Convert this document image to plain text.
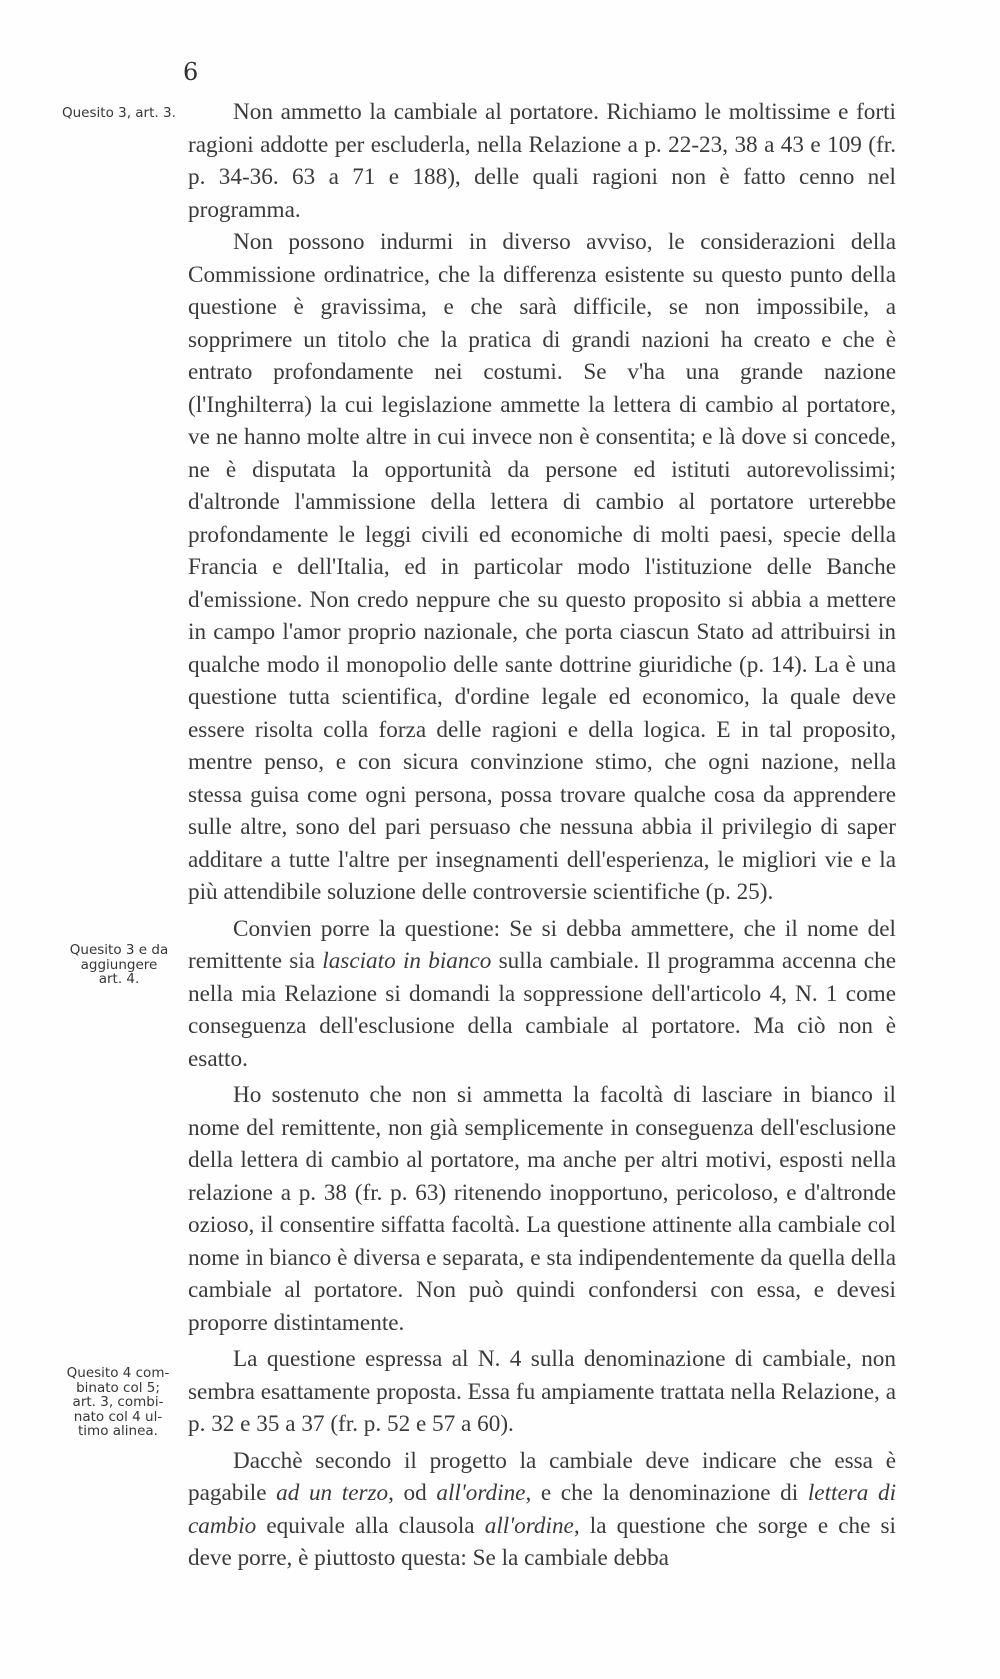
6
Quesito 3, art. 3.
Quesito 3 e da
aggiungere
art. 4.
Quesito 4 com-
binato col 5;
art. 3, combi-
nato col 4 ul-
timo alinea.

Non ammetto la cambiale al portatore. Richiamo le moltissime e forti ragioni addotte per escluderla, nella Relazione a p. 22-23, 38 a 43 e 109 (fr. p. 34-36. 63 a 71 e 188), delle quali ragioni non è fatto cenno nel programma.

Non possono indurmi in diverso avviso, le considerazioni della Commissione ordinatrice, che la differenza esistente su questo punto della questione è gravissima, e che sarà difficile, se non impossibile, a sopprimere un titolo che la pratica di grandi nazioni ha creato e che è entrato profondamente nei costumi. Se v'ha una grande nazione (l'Inghilterra) la cui legislazione ammette la lettera di cambio al portatore, ve ne hanno molte altre in cui invece non è consentita; e là dove si concede, ne è disputata la opportunità da persone ed istituti autorevolissimi; d'altronde l'ammissione della lettera di cambio al portatore urterebbe profondamente le leggi civili ed economiche di molti paesi, specie della Francia e dell'Italia, ed in particolar modo l'istituzione delle Banche d'emissione. Non credo neppure che su questo proposito si abbia a mettere in campo l'amor proprio nazionale, che porta ciascun Stato ad attribuirsi in qualche modo il monopolio delle sante dottrine giuridiche (p. 14). La è una questione tutta scientifica, d'ordine legale ed economico, la quale deve essere risolta colla forza delle ragioni e della logica. E in tal proposito, mentre penso, e con sicura convinzione stimo, che ogni nazione, nella stessa guisa come ogni persona, possa trovare qualche cosa da apprendere sulle altre, sono del pari persuaso che nessuna abbia il privilegio di saper additare a tutte l'altre per insegnamenti dell'esperienza, le migliori vie e la più attendibile soluzione delle controversie scientifiche (p. 25).

Convien porre la questione: Se si debba ammettere, che il nome del remittente sia lasciato in bianco sulla cambiale. Il programma accenna che nella mia Relazione si domandi la soppressione dell'articolo 4, N. 1 come conseguenza dell'esclusione della cambiale al portatore. Ma ciò non è esatto.

Ho sostenuto che non si ammetta la facoltà di lasciare in bianco il nome del remittente, non già semplicemente in conseguenza dell'esclusione della lettera di cambio al portatore, ma anche per altri motivi, esposti nella relazione a p. 38 (fr. p. 63) ritenendo inopportuno, pericoloso, e d'altronde ozioso, il consentire siffatta facoltà. La questione attinente alla cambiale col nome in bianco è diversa e separata, e sta indipendentemente da quella della cambiale al portatore. Non può quindi confondersi con essa, e devesi proporre distintamente.

La questione espressa al N. 4 sulla denominazione di cambiale, non sembra esattamente proposta. Essa fu ampiamente trattata nella Relazione, a p. 32 e 35 a 37 (fr. p. 52 e 57 a 60).

Dacchè secondo il progetto la cambiale deve indicare che essa è pagabile ad un terzo, od all'ordine, e che la denominazione di lettera di cambio equivale alla clausola all'ordine, la questione che sorge e che si deve porre, è piuttosto questa: Se la cambiale debba
